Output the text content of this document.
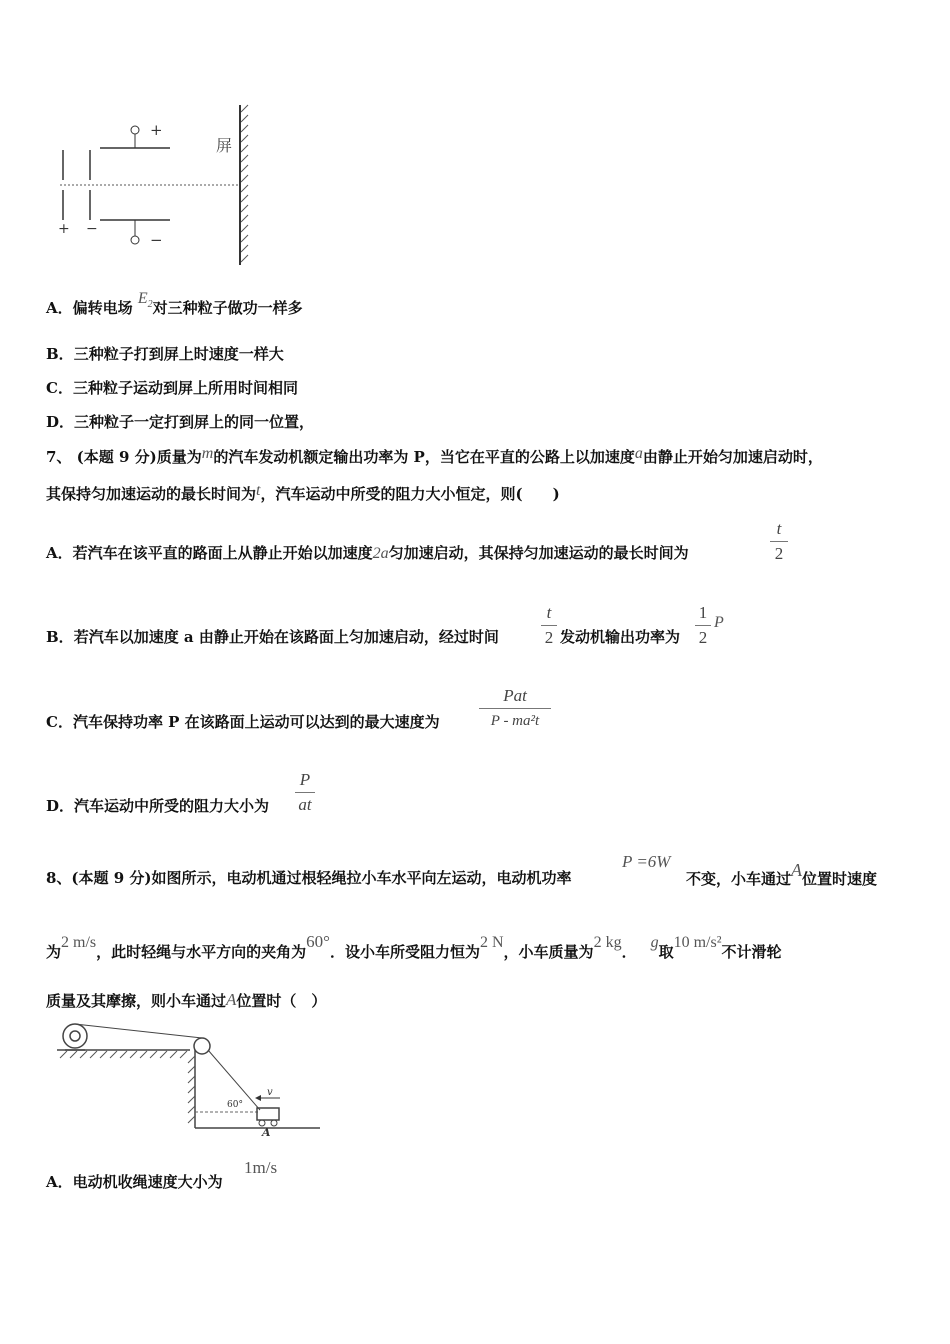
屏
+
−
+ −
A．偏转电场 $E_2$对三种粒子做功一样多
B．三种粒子打到屏上时速度一样大
C．三种粒子运动到屏上所用时间相同
D．三种粒子一定打到屏上的同一位置，
7、 (本题 9 分)质量为m的汽车发动机额定输出功率为 P，当它在平直的公路上以加速度a由静止开始匀加速启动时，
其保持匀加速运动的最长时间为t，汽车运动中所受的阻力大小恒定，则(　　)
A．若汽车在该平直的路面上从静止开始以加速度2a匀加速启动，其保持匀加速运动的最长时间为
t
2
B．若汽车以加速度 a 由静止开始在该路面上匀加速启动，经过时间
t
2 发动机输出功率为
1
2
P
C．汽车保持功率 P 在该路面上运动可以达到的最大速度为
Pat
P - ma²t
D．汽车运动中所受的阻力大小为
P
at
8、(本题 9 分)如图所示，电动机通过根轻绳拉小车水平向左运动，电动机功率
P =6W
不变，小车通过A位置时速度
为2 m/s，此时轻绳与水平方向的夹角为60°．设小车所受阻力恒为2 N，小车质量为2 kg．g取10 m/s²不计滑轮
质量及其摩擦，则小车通过A位置时（　）
60°
v
A
A．电动机收绳速度大小为
1m/s
